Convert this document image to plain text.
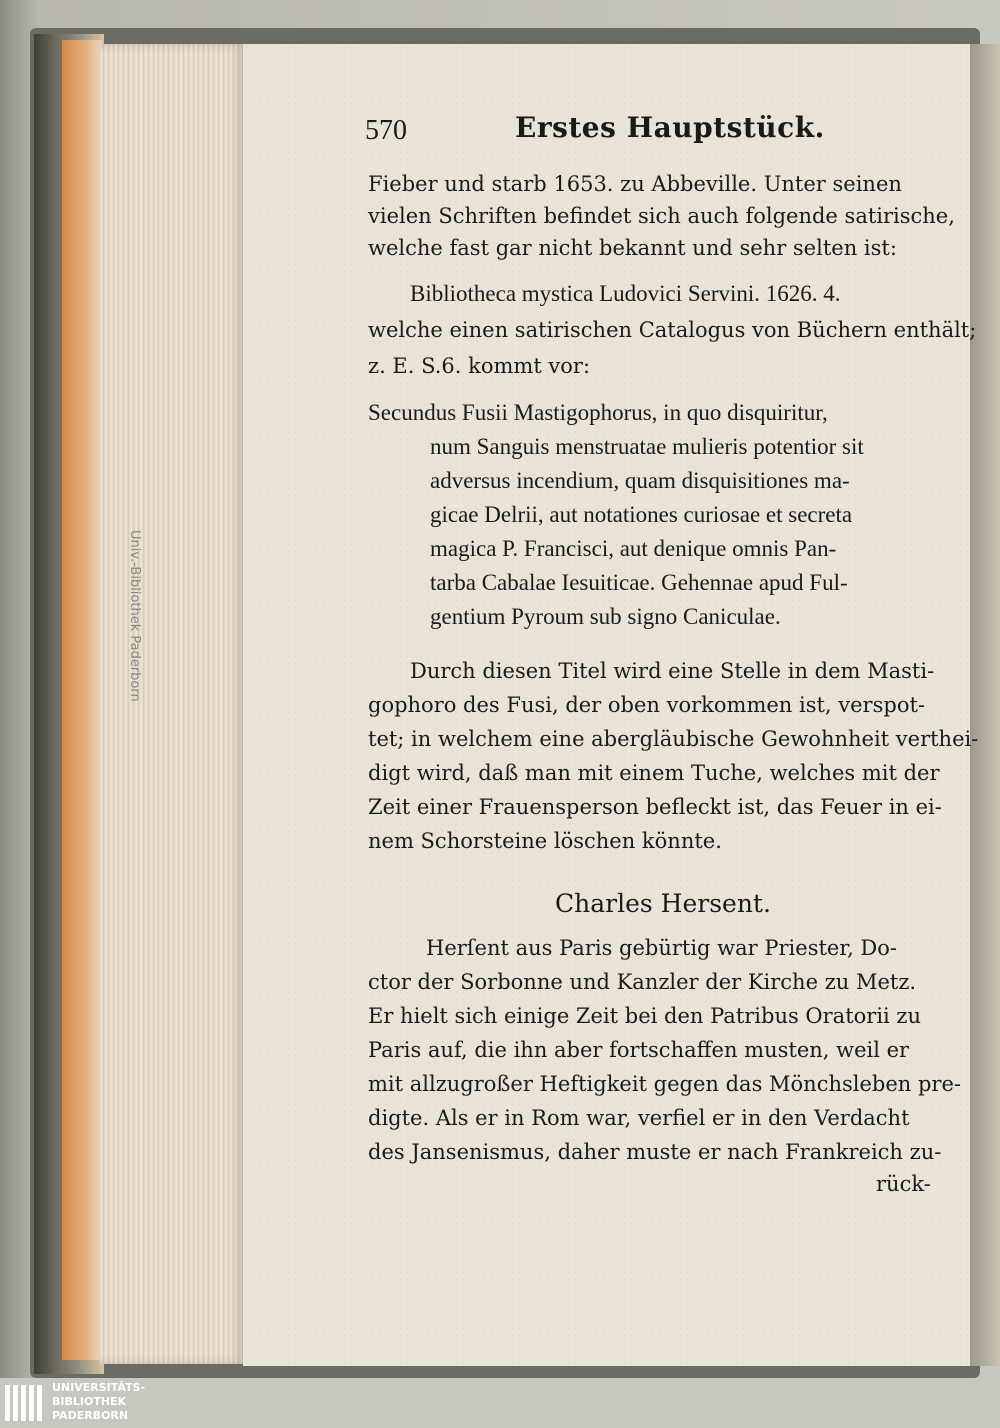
Univ.-Bibliothek Paderborn
570	Erstes Hauptstück.
Fieber und starb 1653. zu Abbeville. Unter seinen
vielen Schriften befindet sich auch folgende satirische,
welche fast gar nicht bekannt und sehr selten ist:
Bibliotheca mystica Ludovici Servini. 1626. 4.
welche einen satirischen Catalogus von Büchern enthält;
z. E. S.6. kommt vor:
Secundus Fusii Mastigophorus, in quo disquiritur,
num Sanguis menstruatae mulieris potentior sit
adversus incendium, quam disquisitiones ma-
gicae Delrii, aut notationes curiosae et secreta
magica P. Francisci, aut denique omnis Pan-
tarba Cabalae Iesuiticae. Gehennae apud Ful-
gentium Pyroum sub signo Caniculae.
Durch diesen Titel wird eine Stelle in dem Masti-
gophoro des Fusi, der oben vorkommen ist, verspot-
tet; in welchem eine abergläubische Gewohnheit verthei-
digt wird, daß man mit einem Tuche, welches mit der
Zeit einer Frauensperson befleckt ist, das Feuer in ei-
nem Schorsteine löschen könnte.
Herſent aus Paris gebürtig war Priester, Do-
ctor der Sorbonne und Kanzler der Kirche zu Metz.
Er hielt sich einige Zeit bei den Patribus Oratorii zu
Paris auf, die ihn aber fortschaffen musten, weil er
mit allzugroßer Heftigkeit gegen das Mönchsleben pre-
digte. Als er in Rom war, verfiel er in den Verdacht
des Jansenismus, daher muste er nach Frankreich zu-
rück-
Charles Hersent.
UNIVERSITÄTS-
BIBLIOTHEK
PADERBORN
